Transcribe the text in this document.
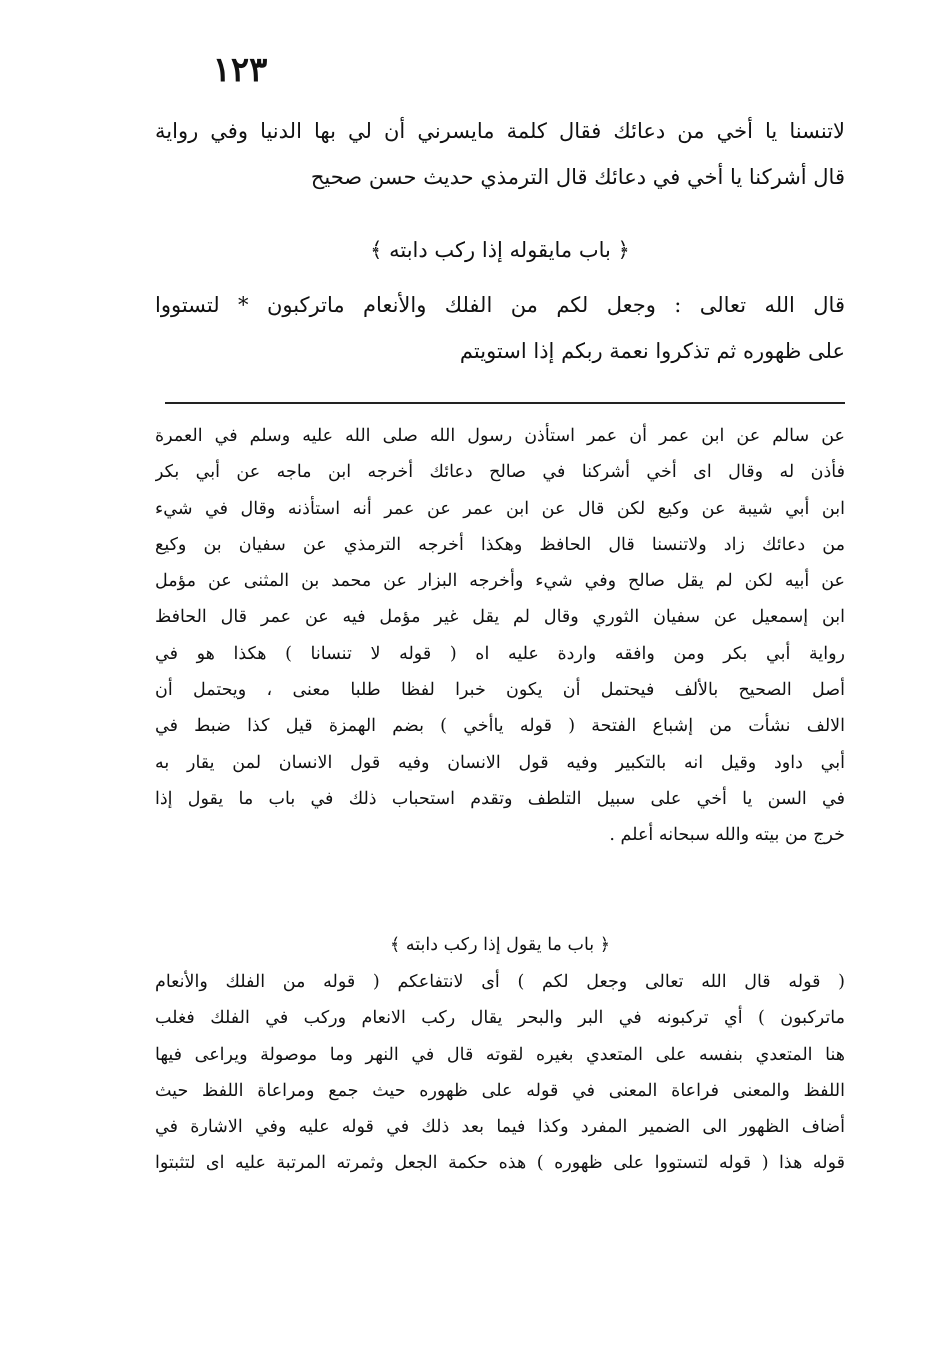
١٢٣
لاتنسنا يا أخي من دعائك فقال كلمة مايسرني أن لي بها الدنيا وفي رواية
قال أشركنا يا أخي في دعائك قال الترمذي حديث حسن صحيح
﴿ باب مايقوله إذا ركب دابته ﴾
قال الله تعالى : وجعل لكم من الفلك والأنعام ماتركبون * لتستووا
على ظهوره ثم تذكروا نعمة ربكم إذا استويتم
عن سالم عن ابن عمر أن عمر استأذن رسول الله صلى الله عليه وسلم في العمرة
فأذن له وقال اى أخي أشركنا في صالح دعائك أخرجه ابن ماجه عن أبي بكر
ابن أبي شيبة عن وكيع لكن قال عن ابن عمر عن عمر أنه استأذنه وقال في شيء
من دعائك زاد ولاتنسنا قال الحافظ وهكذا أخرجه الترمذي عن سفيان بن وكيع
عن أبيه لكن لم يقل صالح وفي شيء وأخرجه البزار عن محمد بن المثنى عن مؤمل
ابن إسمعيل عن سفيان الثوري وقال لم يقل غير مؤمل فيه عن عمر قال الحافظ
رواية أبي بكر ومن وافقه واردة عليه اه ( قوله لا تنسانا ) هكذا هو في
أصل الصحيح بالألف فيحتمل أن يكون خبرا لفظا طلبا معنى ، ويحتمل أن
الالف نشأت من إشباع الفتحة ( قوله ياأخي ) بضم الهمزة قيل كذا ضبط في
أبي داود وقيل انه بالتكبير وفيه قول الانسان وفيه قول الانسان لمن يقار به
في السن يا أخي على سبيل التلطف وتقدم استحباب ذلك في باب ما يقول إذا
خرج من بيته والله سبحانه أعلم .
﴿ باب ما يقول إذا ركب دابته ﴾
( قوله قال الله تعالى وجعل لكم ) أى لانتفاعكم ( قوله من الفلك والأنعام
ماتركبون ) أي تركبونه في البر والبحر يقال ركب الانعام وركب في الفلك فغلب
هنا المتعدي بنفسه على المتعدي بغيره لقوته قال في النهر وما موصولة ويراعى فيها
اللفظ والمعنى فراعاة المعنى في قوله على ظهوره حيث جمع ومراعاة اللفظ حيث
أضاف الظهور الى الضمير المفرد وكذا فيما بعد ذلك في قوله عليه وفي الاشارة في
قوله هذا ( قوله لتستووا على ظهوره ) هذه حكمة الجعل وثمرته المرتبة عليه اى لتثبتوا
